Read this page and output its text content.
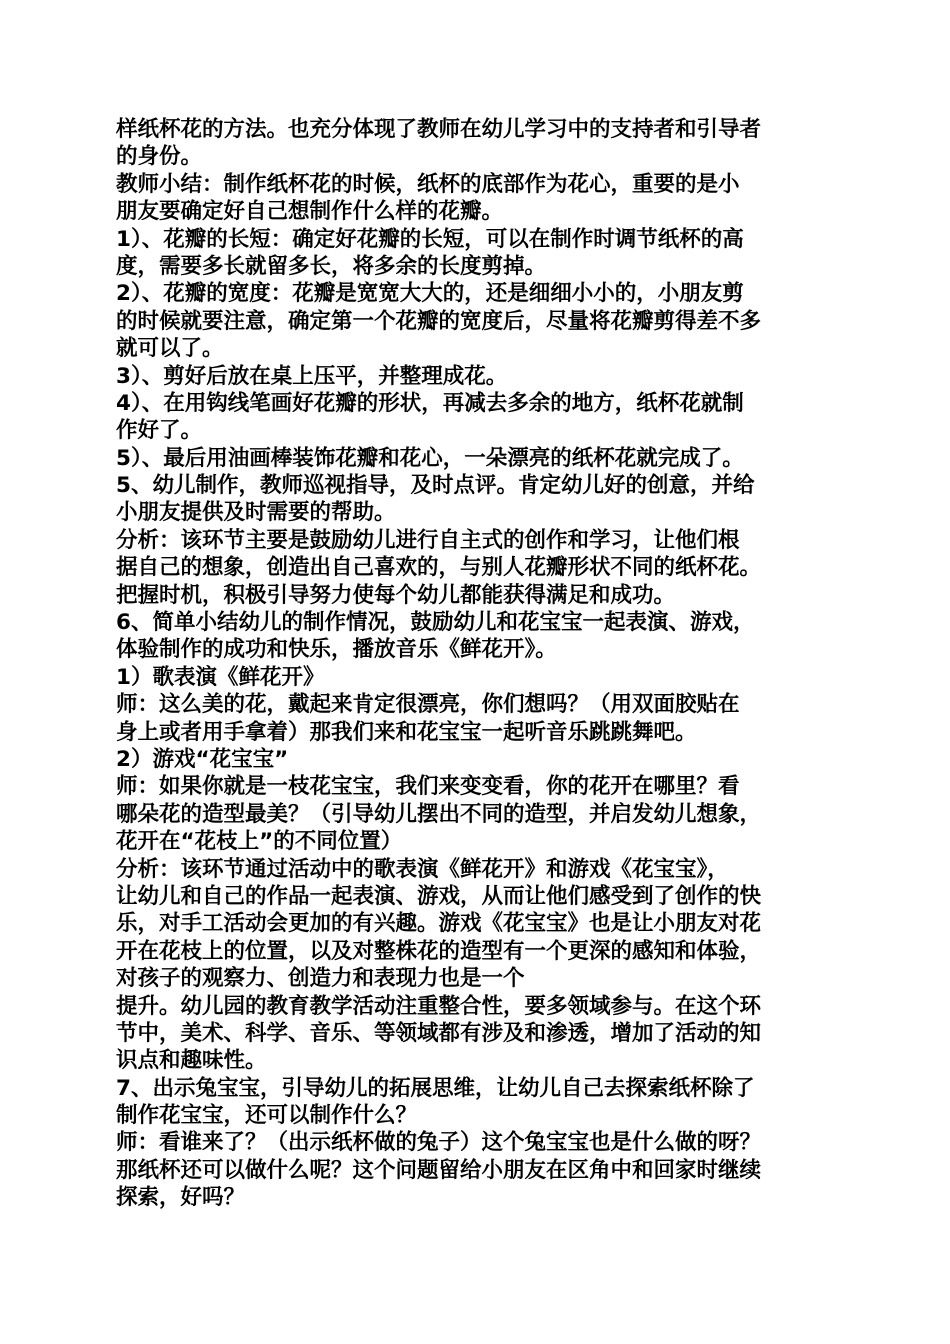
样纸杯花的方法。也充分体现了教师在幼儿学习中的支持者和引导者
的身份。
教师小结：制作纸杯花的时候，纸杯的底部作为花心，重要的是小
朋友要确定好自己想制作什么样的花瓣。
1）、花瓣的长短：确定好花瓣的长短，可以在制作时调节纸杯的高
度，需要多长就留多长，将多余的长度剪掉。
2）、花瓣的宽度：花瓣是宽宽大大的，还是细细小小的，小朋友剪
的时候就要注意，确定第一个花瓣的宽度后，尽量将花瓣剪得差不多
就可以了。
3）、剪好后放在桌上压平，并整理成花。
4）、在用钩线笔画好花瓣的形状，再减去多余的地方，纸杯花就制
作好了。
5）、最后用油画棒装饰花瓣和花心，一朵漂亮的纸杯花就完成了。
5、幼儿制作，教师巡视指导，及时点评。肯定幼儿好的创意，并给
小朋友提供及时需要的帮助。
分析：该环节主要是鼓励幼儿进行自主式的创作和学习，让他们根
据自己的想象，创造出自己喜欢的，与别人花瓣形状不同的纸杯花。
把握时机，积极引导努力使每个幼儿都能获得满足和成功。
6、简单小结幼儿的制作情况，鼓励幼儿和花宝宝一起表演、游戏，
体验制作的成功和快乐，播放音乐《鲜花开》。
1）歌表演《鲜花开》
师：这么美的花，戴起来肯定很漂亮，你们想吗？（用双面胶贴在
身上或者用手拿着）那我们来和花宝宝一起听音乐跳跳舞吧。
2）游戏“花宝宝”
师：如果你就是一枝花宝宝，我们来变变看，你的花开在哪里？看
哪朵花的造型最美？（引导幼儿摆出不同的造型，并启发幼儿想象，
花开在“花枝上”的不同位置）
分析：该环节通过活动中的歌表演《鲜花开》和游戏《花宝宝》，
让幼儿和自己的作品一起表演、游戏，从而让他们感受到了创作的快
乐，对手工活动会更加的有兴趣。游戏《花宝宝》也是让小朋友对花
开在花枝上的位置，以及对整株花的造型有一个更深的感知和体验，
对孩子的观察力、创造力和表现力也是一个
提升。幼儿园的教育教学活动注重整合性，要多领域参与。在这个环
节中，美术、科学、音乐、等领域都有涉及和渗透，增加了活动的知
识点和趣味性。
7、出示兔宝宝，引导幼儿的拓展思维，让幼儿自己去探索纸杯除了
制作花宝宝，还可以制作什么？
师：看谁来了？（出示纸杯做的兔子）这个兔宝宝也是什么做的呀？
那纸杯还可以做什么呢？这个问题留给小朋友在区角中和回家时继续
探索，好吗？
